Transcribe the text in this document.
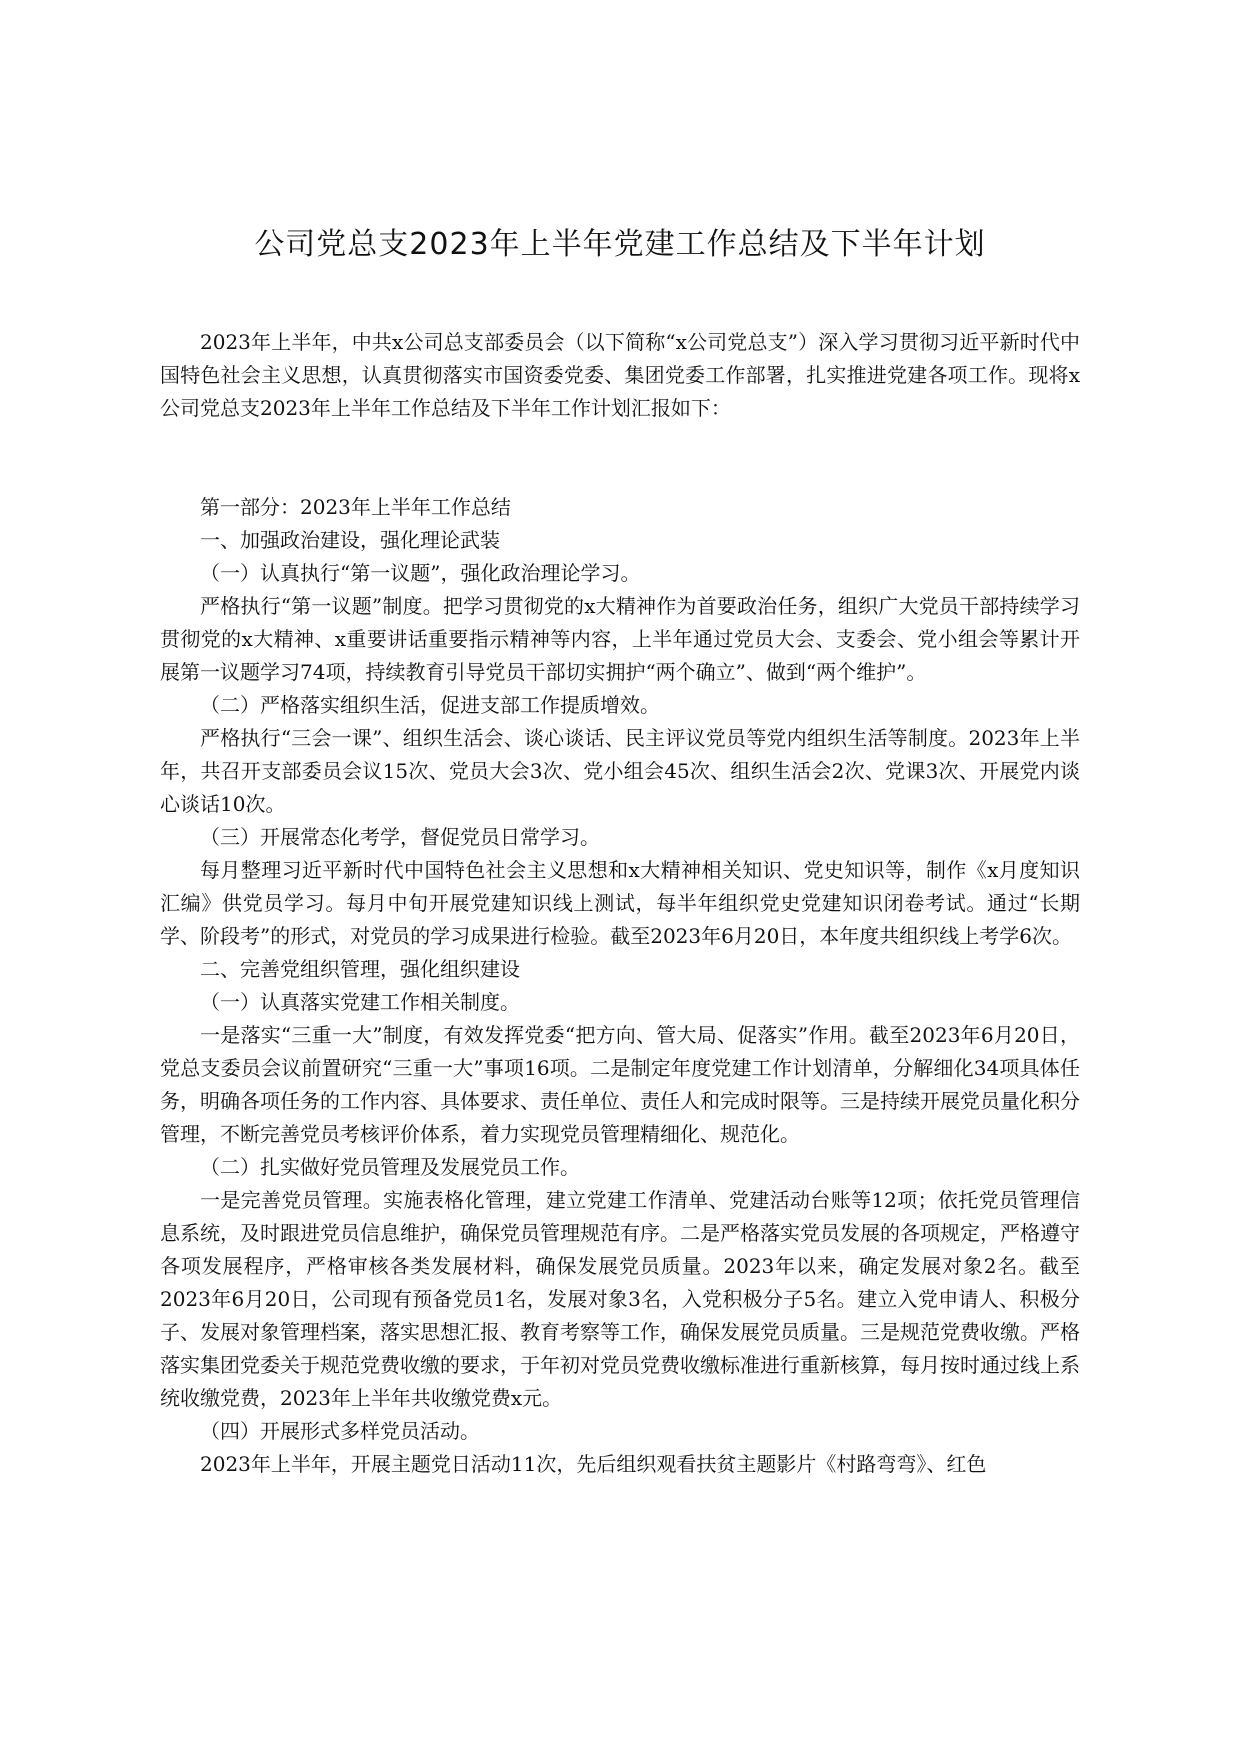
公司党总支2023年上半年党建工作总结及下半年计划

2023年上半年，中共x公司总支部委员会（以下简称“x公司党总支”）深入学习贯彻习近平新时代中国特色社会主义思想，认真贯彻落实市国资委党委、集团党委工作部署，扎实推进党建各项工作。现将x公司党总支2023年上半年工作总结及下半年工作计划汇报如下：

第一部分：2023年上半年工作总结

一、加强政治建设，强化理论武装

（一）认真执行“第一议题”，强化政治理论学习。

严格执行“第一议题”制度。把学习贯彻党的x大精神作为首要政治任务，组织广大党员干部持续学习贯彻党的x大精神、x重要讲话重要指示精神等内容，上半年通过党员大会、支委会、党小组会等累计开展第一议题学习74项，持续教育引导党员干部切实拥护“两个确立”、做到“两个维护”。

（二）严格落实组织生活，促进支部工作提质增效。

严格执行“三会一课”、组织生活会、谈心谈话、民主评议党员等党内组织生活等制度。2023年上半年，共召开支部委员会议15次、党员大会3次、党小组会45次、组织生活会2次、党课3次、开展党内谈心谈话10次。

（三）开展常态化考学，督促党员日常学习。

每月整理习近平新时代中国特色社会主义思想和x大精神相关知识、党史知识等，制作《x月度知识汇编》供党员学习。每月中旬开展党建知识线上测试，每半年组织党史党建知识闭卷考试。通过“长期学、阶段考”的形式，对党员的学习成果进行检验。截至2023年6月20日，本年度共组织线上考学6次。

二、完善党组织管理，强化组织建设

（一）认真落实党建工作相关制度。

一是落实“三重一大”制度，有效发挥党委“把方向、管大局、促落实”作用。截至2023年6月20日，党总支委员会议前置研究“三重一大”事项16项。二是制定年度党建工作计划清单，分解细化34项具体任务，明确各项任务的工作内容、具体要求、责任单位、责任人和完成时限等。三是持续开展党员量化积分管理，不断完善党员考核评价体系，着力实现党员管理精细化、规范化。

（二）扎实做好党员管理及发展党员工作。

一是完善党员管理。实施表格化管理，建立党建工作清单、党建活动台账等12项；依托党员管理信息系统，及时跟进党员信息维护，确保党员管理规范有序。二是严格落实党员发展的各项规定，严格遵守各项发展程序，严格审核各类发展材料，确保发展党员质量。2023年以来，确定发展对象2名。截至2023年6月20日，公司现有预备党员1名，发展对象3名，入党积极分子5名。建立入党申请人、积极分子、发展对象管理档案，落实思想汇报、教育考察等工作，确保发展党员质量。三是规范党费收缴。严格落实集团党委关于规范党费收缴的要求，于年初对党员党费收缴标准进行重新核算，每月按时通过线上系统收缴党费，2023年上半年共收缴党费x元。

（四）开展形式多样党员活动。

2023年上半年，开展主题党日活动11次，先后组织观看扶贫主题影片《村路弯弯》、红色
